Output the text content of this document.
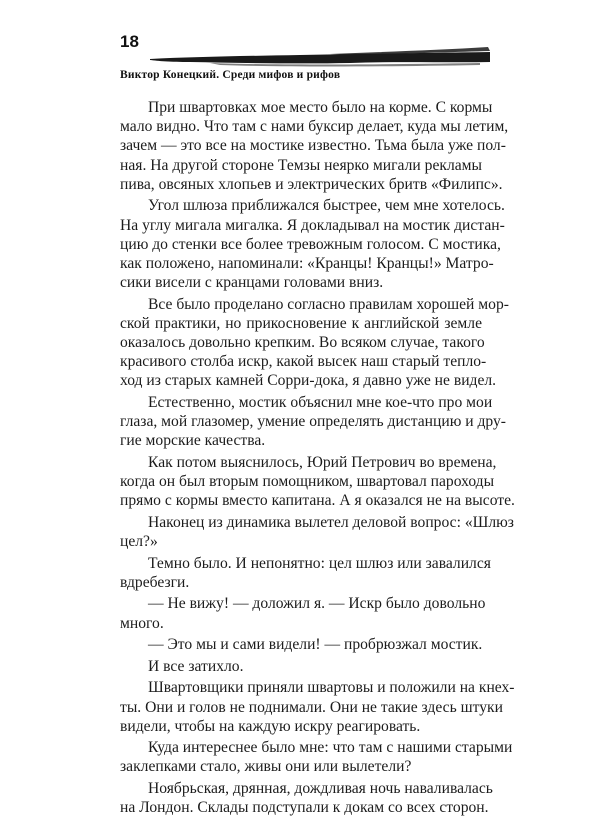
18
Виктор Конецкий. Среди мифов и рифов
При швартовках мое место было на корме. С кормы
мало видно. Что там с нами буксир делает, куда мы летим,
зачем — это все на мостике известно. Тьма была уже пол-
ная. На другой стороне Темзы неярко мигали рекламы
пива, овсяных хлопьев и электрических бритв «Филипс».
Угол шлюза приближался быстрее, чем мне хотелось.
На углу мигала мигалка. Я докладывал на мостик дистан-
цию до стенки все более тревожным голосом. С мостика,
как положено, напоминали: «Кранцы! Кранцы!» Матро-
сики висели с кранцами головами вниз.
Все было проделано согласно правилам хорошей мор-
ской практики, но прикосновение к английской земле
оказалось довольно крепким. Во всяком случае, такого
красивого столба искр, какой высек наш старый тепло-
ход из старых камней Сорри-дока, я давно уже не видел.
Естественно, мостик объяснил мне кое-что про мои
глаза, мой глазомер, умение определять дистанцию и дру-
гие морские качества.
Как потом выяснилось, Юрий Петрович во времена,
когда он был вторым помощником, швартовал пароходы
прямо с кормы вместо капитана. А я оказался не на высоте.
Наконец из динамика вылетел деловой вопрос: «Шлюз
цел?»
Темно было. И непонятно: цел шлюз или завалился
вдребезги.
— Не вижу! — доложил я. — Искр было довольно
много.
— Это мы и сами видели! — пробрюзжал мостик.
И все затихло.
Швартовщики приняли швартовы и положили на кнех-
ты. Они и голов не поднимали. Они не такие здесь штуки
видели, чтобы на каждую искру реагировать.
Куда интереснее было мне: что там с нашими старыми
заклепками стало, живы они или вылетели?
Ноябрьская, дрянная, дождливая ночь наваливалась
на Лондон. Склады подступали к докам со всех сторон.
